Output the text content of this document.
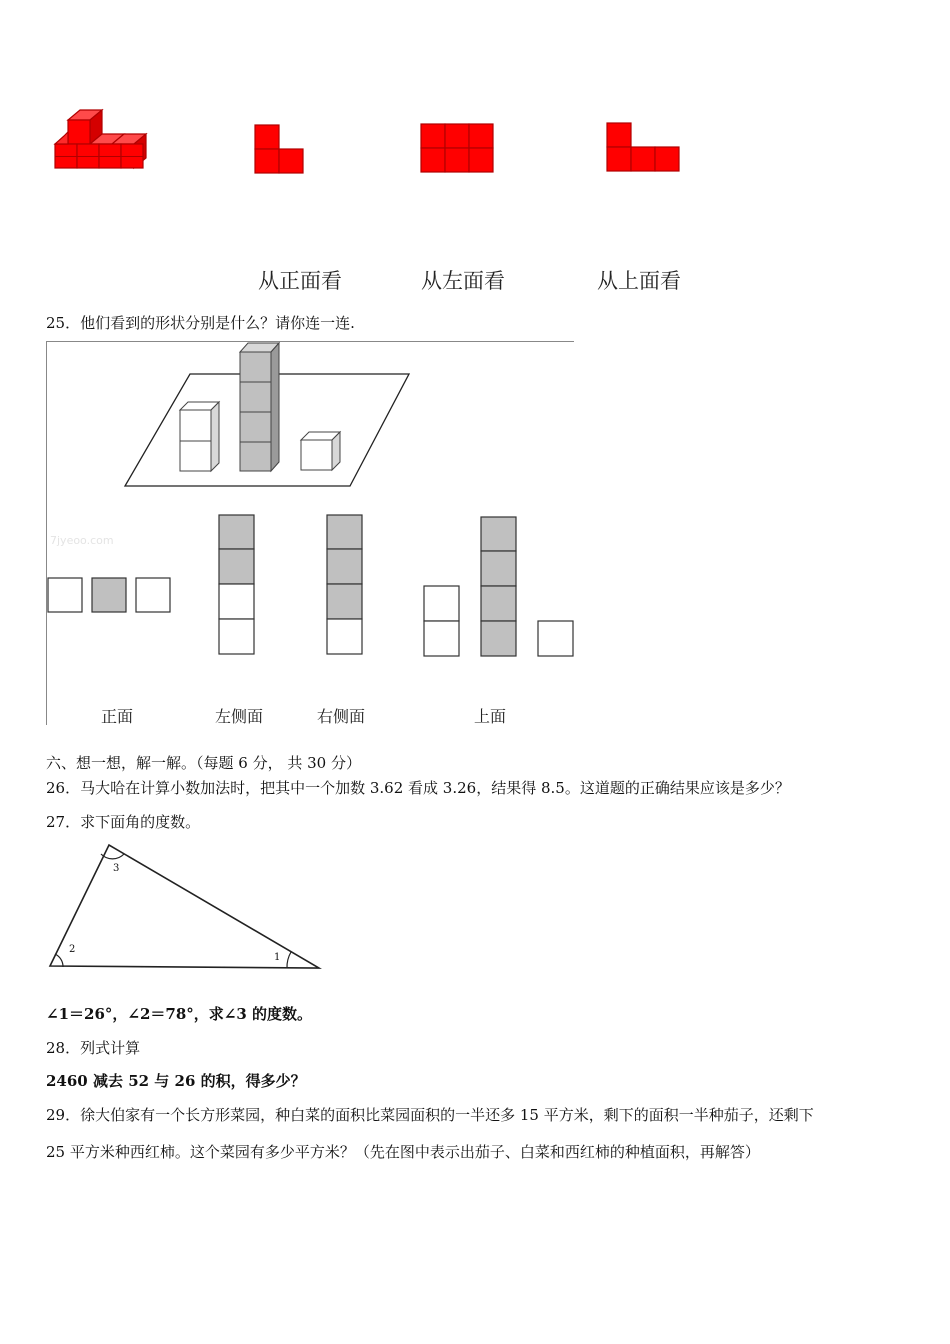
从正面看	从左面看	从上面看
25．他们看到的形状分别是什么？请你连一连.
7jyeoo.com
正面	左侧面	右侧面	上面
六、想一想，解一解。（每题 6 分， 共 30 分）
26．马大哈在计算小数加法时，把其中一个加数 3.62 看成 3.26，结果得 8.5。这道题的正确结果应该是多少？
27．求下面角的度数。
2
3
1
∠1＝26°，∠2＝78°，求∠3 的度数。
28．列式计算
2460 减去 52 与 26 的积，得多少？
29．徐大伯家有一个长方形菜园，种白菜的面积比菜园面积的一半还多 15 平方米，剩下的面积一半种茄子，还剩下
25 平方米种西红柿。这个菜园有多少平方米？（先在图中表示出茄子、白菜和西红柿的种植面积，再解答）
